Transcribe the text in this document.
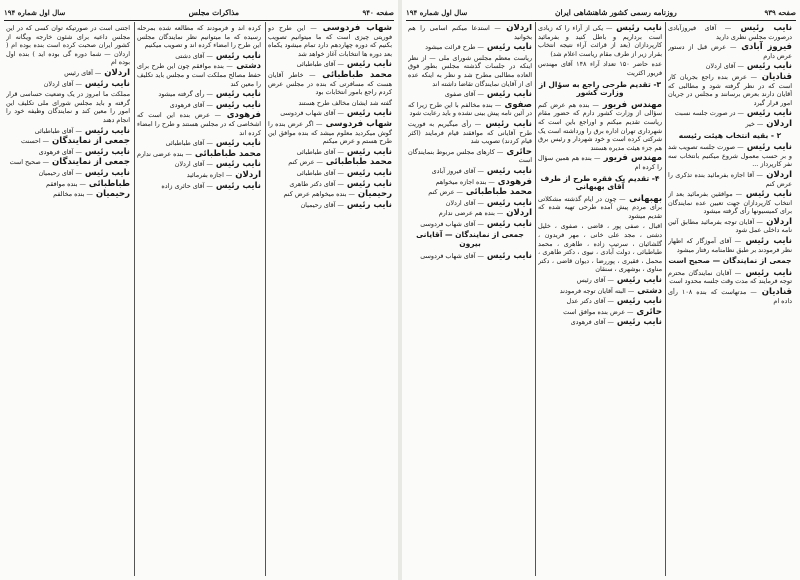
صفحه ۹۳۹
روزنامه رسمی کشور شاهنشاهی ایران
سال اول شماره ۱۹۴
نایب رئیس — آقای فیروزآبادی درصورت مجلس نظری دارید
فیروز آبادی — عرض قبل از دستور عرض دارم
نایب رئیس — آقای اردلان
قنادیان — عرض بنده راجع بجریان کار است که در نظر گرفته شود و مطالبی که آقایان دارند بعرض برسانند و مجلس در جریان امور قرار گیرد
نایب رئیس — در صورت جلسه نسبت
اردلان — خیر
۲ - بقیه انتخاب هیئت رئیسه
نایب رئیس — صورت جلسه تصویب شد و بر حسب معمول شروع میکنیم بانتخاب سه نفر کارپرداز ...
اردلان — آقا اجازه بفرمائید بنده تذکری را عرض کنم
نایب رئیس — موافقین بفرمائید بعد از انتخاب کارپردازان جهت تعیین عده نمایندگان برای کمیسیونها رأی گرفته میشود
اردلان — آقایان توجه بفرمائید مطابق آئین نامه داخلی عمل شود
نایب رئیس — آقای آموزگار که اظهار نظر فرمودند بر طبق نظامنامه رفتار میشود
جمعی از نمایندگان — صحیح است
نایب رئیس — آقایان نمایندگان محترم توجه فرمایند که مدت وقت جلسه محدود است
قنادیان — مدتهاست که بنده ۱۰۸ رأی داده ام
نایب رئیس — یکی از آراء را که زیادی است برداریم و باطل کنید و بفرمائید کارپردازان (بعد از قرائت آراء نتیجه انتخاب بقرار زیر از طرف مقام ریاست اعلام شد)
عده حاضر ۱۵۰ تعداد آراء ۱۴۸ آقای مهندس فریور اکثریت
۳- تقدیم طرحی راجع به سؤال از وزارت کشور
مهندس فریور — بنده هم عرض کنم سؤالی از وزارت کشور دارم که حضور مقام ریاست تقدیم میکنم و اوراجع باین است که شهرداری تهران اداره برق را ورداشته است یک شرکتی کرده است و خود شهردار و رئیس برق هم جزء هیئت مدیره هستند
مهندس فریور — بنده هم همین سؤال را کرده ام
۴- تقدیم یک فقره طرح از طرف آقای بهبهانی
بهبهانی — چون در ایام گذشته مشکلاتی برای مردم پیش آمده طرحی تهیه شده که تقدیم میشود
اقبال ، صفی پور ، قاضی ، صفوی ، خلیل دشتی ، مجد علی خانی ، مهر فریدون ، گلشائیان ، سرتیپ زاده ، طاهری ، محمد طباطبائی ، دولت آبادی ، نیوی ، دکتر طاهری ، محمل ، فقیری ، پوررضا ، دیوان قاضی ، دکتر مناوی ، بوشهری ، سنقان
نایب رئیس — آقای رئیس
دشتی — البته آقایان توجه فرمودند
نایب رئیس — آقای دکتر عدل
حائری — عرض بنده موافق است
نایب رئیس — آقای فرهودی
اردلان — استدعا میکنم اسامی را هم بخوانید
نایب رئیس — طرح قرائت میشود
ریاست معظم مجلس شورای ملی — از نظر اینکه در جلسات گذشته مجلس بطور فوق العاده مطالبی مطرح شد و نظر به اینکه عده ای از آقایان نمایندگان تقاضا داشته اند
نایب رئیس — آقای صفوی
صفوی — بنده مخالفم با این طرح زیرا که در آئین نامه پیش بینی نشده و باید رعایت شود
نایب رئیس — رأی میگیریم به فوریت طرح آقایانی که موافقند قیام فرمایند (اکثر قیام کردند) تصویب شد
حائری — کارهای مجلس مربوط بنمایندگان است
نایب رئیس — آقای فیروز آبادی
فرهودی — بنده اجازه میخواهم
محمد طباطبائی — عرض کنم
نایب رئیس — آقای اردلان
اردلان — بنده هم عرضی ندارم
نایب رئیس — آقای شهاب فردوسی
جمعی از نمایندگان — آقایانی بیرون
نایب رئیس — آقای شهاب فردوسی
صفحه ۹۴۰
مذاکرات مجلس
سال اول شماره ۱۹۴
شهاب فردوسی — این طرح دو فوریتی چیزی است که ما میتوانیم تصویب بکنیم که دوره چهاردهم دارد تمام میشود یکماه بعد دوره ها انتخابات آغاز خواهد شد
نایب رئیس — آقای طباطبائی
محمد طباطبائی — خاطر آقایان هست که مسافرتی که بنده در مجلس عرض کردم راجع بامور انتخابات بود
گفته شد ایشان مخالف طرح هستند
نایب رئیس — آقای شهاب فردوسی
شهاب فردوسی — اگر عرض بنده را گوش میکردید معلوم میشد که بنده موافق این طرح هستم و عرض میکنم
نایب رئیس — آقای طباطبائی
محمد طباطبائی — عرض کنم
نایب رئیس — آقای طباطبائی
نایب رئیس — آقای دکتر طاهری
رحیمیان — بنده میخواهم عرض کنم
نایب رئیس — آقای رحیمیان
کرده اند و فرمودند که مطالعه شده بمرحله رسیده که ما میتوانیم نظر نمایندگان مجلس این طرح را امضاء کرده اند و تصویب میکنیم
نایب رئیس — آقای دشتی
دشتی — بنده موافقم چون این طرح برای حفظ مصالح مملکت است و مجلس باید تکلیف را معین کند
نایب رئیس — رأی گرفته میشود
نایب رئیس — آقای فرهودی
فرهودی — عرض بنده این است که اشخاصی که در مجلس هستند و طرح را امضاء کرده اند
نایب رئیس — آقای طباطبائی
محمد طباطبائی — بنده عرضی ندارم
نایب رئیس — آقای اردلان
اردلان — اجازه بفرمائید
نایب رئیس — آقای حائری زاده
اجتنی است در صورتیکه توان کسی که در این مجلس داعیه برای شئون خارجه ویگانه از کشور ایران صحبت کرده است بنده بوده ام ( اردلان — شما دوره گی بوده اید ) بنده اول بوده ام
اردلان — آقای رئیس
نایب رئیس — آقای اردلان
مملکت ما امروز در یک وضعیت حساسی قرار گرفته و باید مجلس شورای ملی تکلیف این امور را معین کند و نمایندگان وظیفه خود را انجام دهند
نایب رئیس — آقای طباطبائی
جمعی از نمایندگان — احسنت
نایب رئیس — آقای فرهودی
جمعی از نمایندگان — صحیح است
نایب رئیس — آقای رحیمیان
طباطبائی — بنده موافقم
رحیمیان — بنده مخالفم
